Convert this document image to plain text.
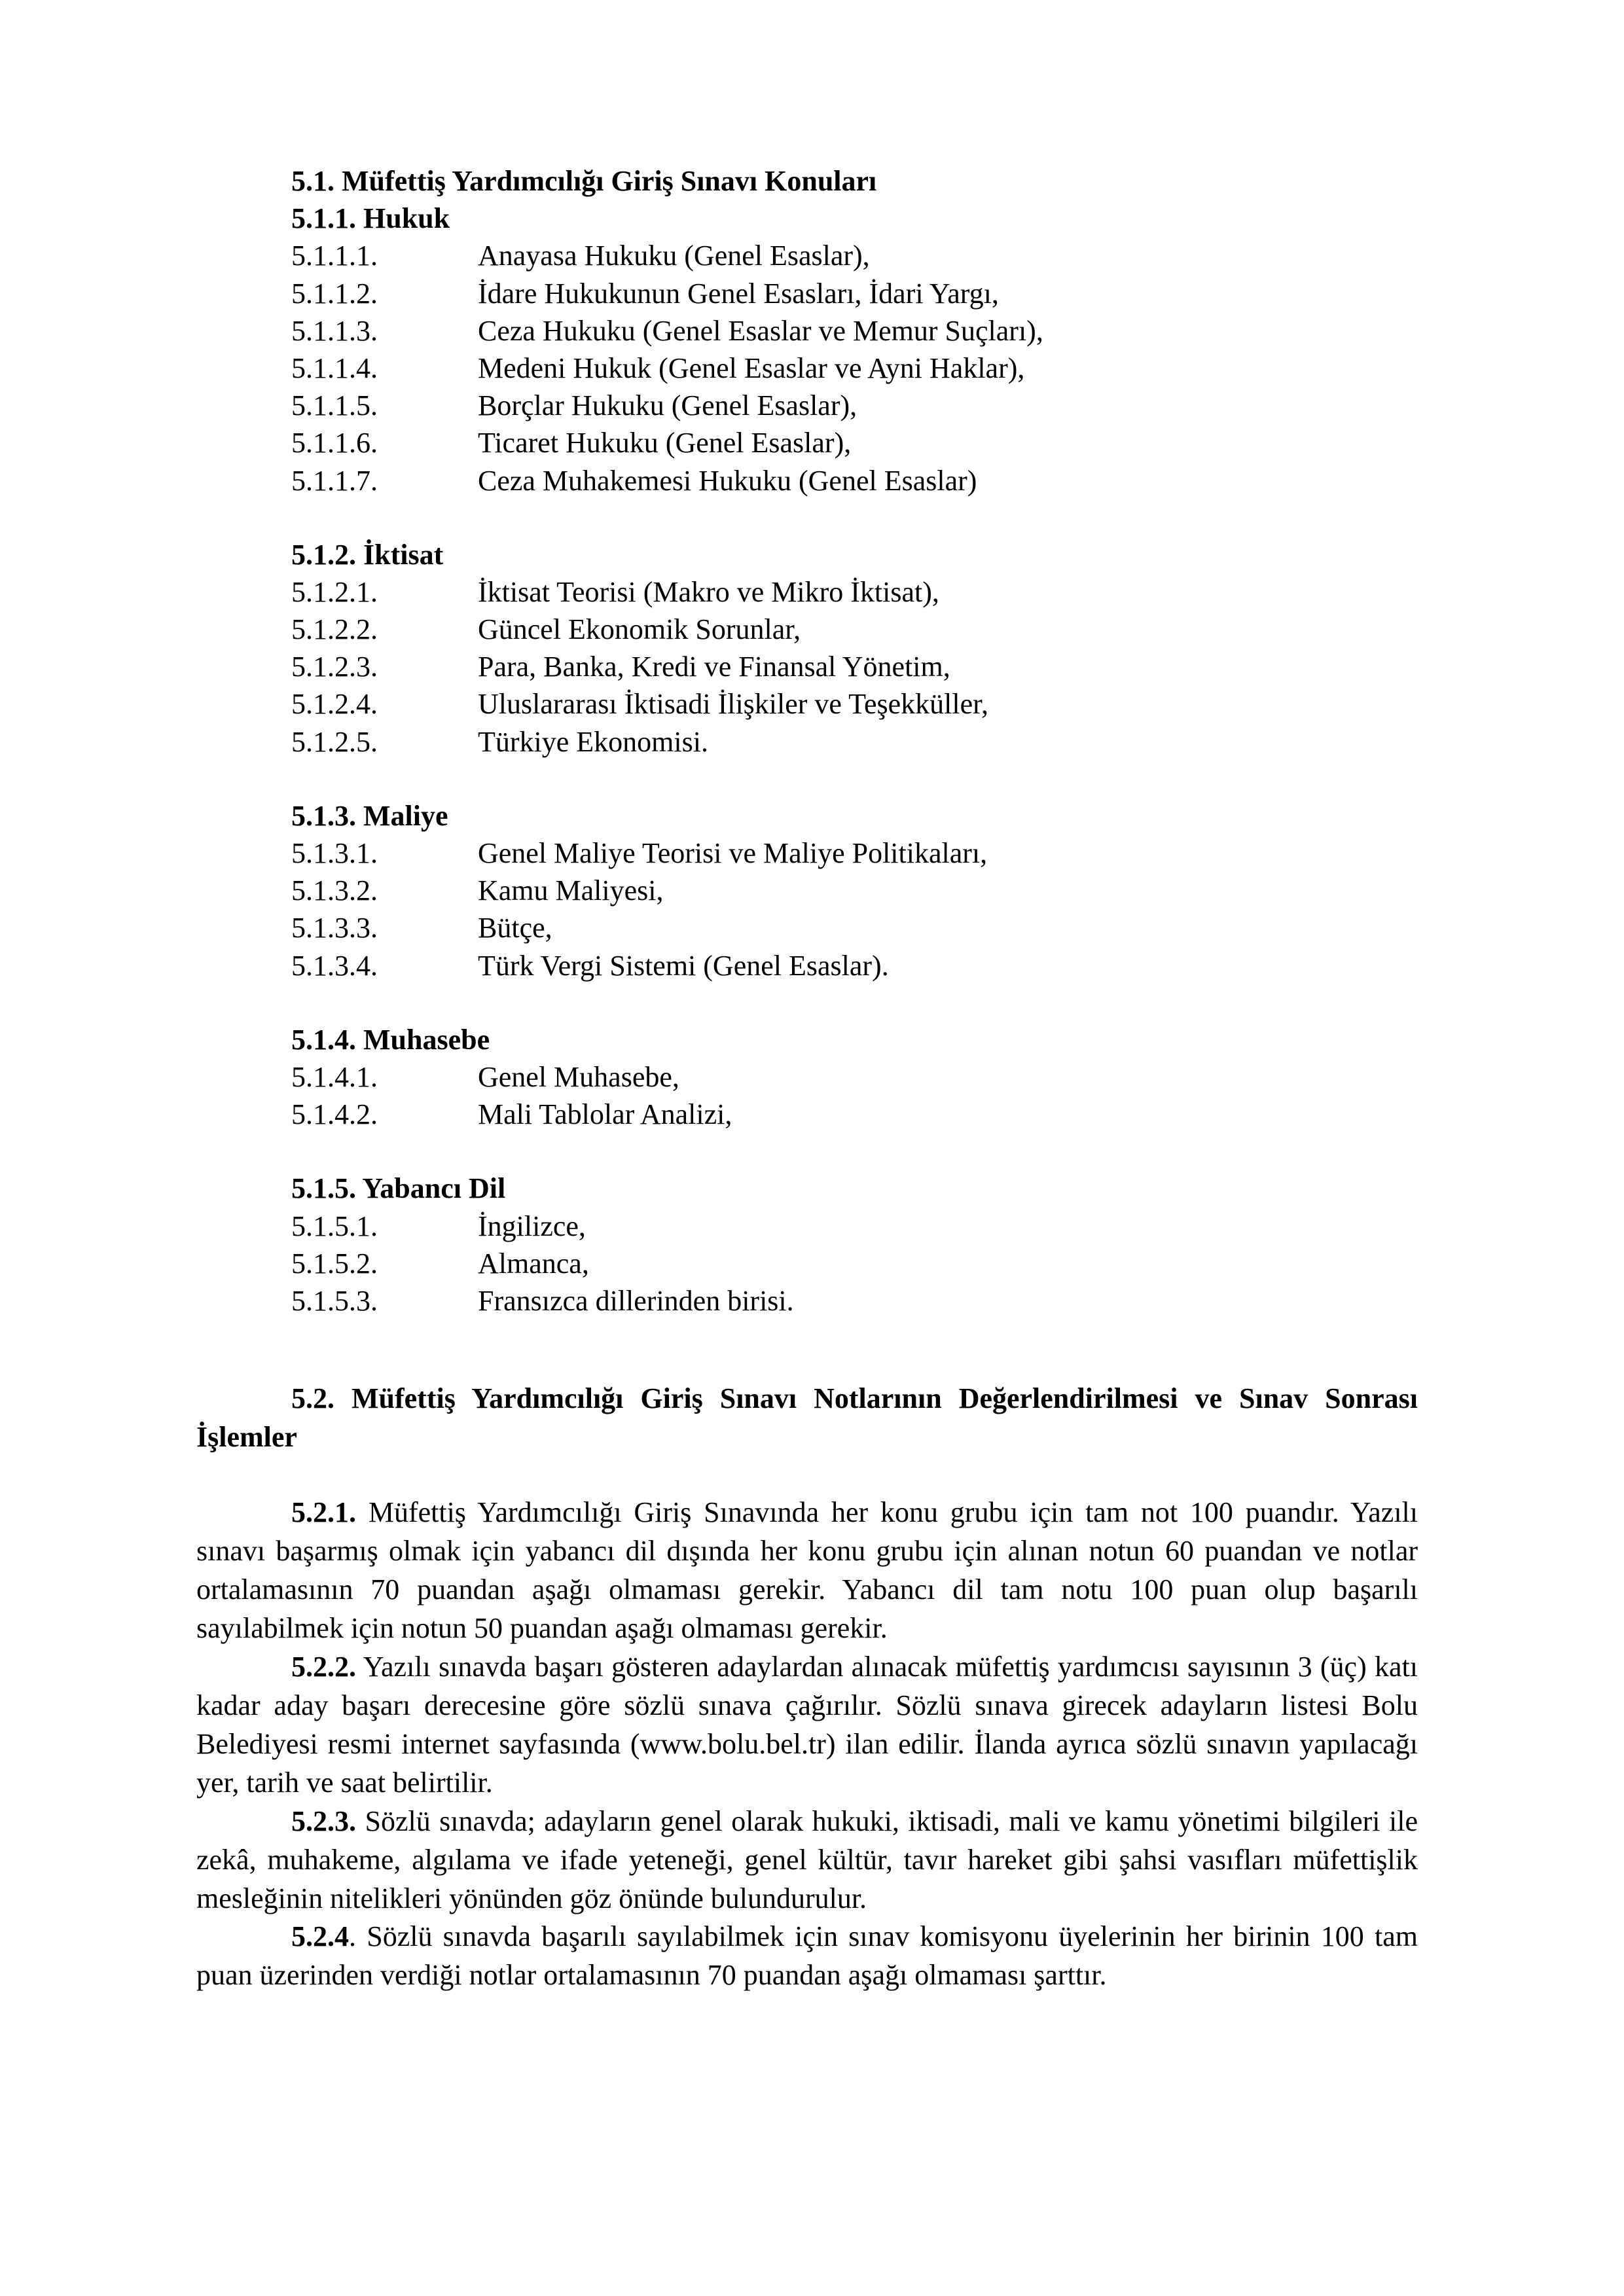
5.1. Müfettiş Yardımcılığı Giriş Sınavı Konuları
5.1.1. Hukuk
5.1.1.1.	Anayasa Hukuku (Genel Esaslar),
5.1.1.2.	İdare Hukukunun Genel Esasları, İdari Yargı,
5.1.1.3.	Ceza Hukuku (Genel Esaslar ve Memur Suçları),
5.1.1.4.	Medeni Hukuk (Genel Esaslar ve Ayni Haklar),
5.1.1.5.	Borçlar Hukuku (Genel Esaslar),
5.1.1.6.	Ticaret Hukuku (Genel Esaslar),
5.1.1.7.	Ceza Muhakemesi Hukuku (Genel Esaslar)
5.1.2. İktisat
5.1.2.1.	İktisat Teorisi (Makro ve Mikro İktisat),
5.1.2.2.	Güncel Ekonomik Sorunlar,
5.1.2.3.	Para, Banka, Kredi ve Finansal Yönetim,
5.1.2.4.	Uluslararası İktisadi İlişkiler ve Teşekküller,
5.1.2.5.	Türkiye Ekonomisi.
5.1.3. Maliye
5.1.3.1.	Genel Maliye Teorisi ve Maliye Politikaları,
5.1.3.2.	Kamu Maliyesi,
5.1.3.3.	Bütçe,
5.1.3.4.	Türk Vergi Sistemi (Genel Esaslar).
5.1.4. Muhasebe
5.1.4.1.	Genel Muhasebe,
5.1.4.2.	Mali Tablolar Analizi,
5.1.5. Yabancı Dil
5.1.5.1.	İngilizce,
5.1.5.2.	Almanca,
5.1.5.3.	Fransızca dillerinden birisi.
5.2. Müfettiş Yardımcılığı Giriş Sınavı Notlarının Değerlendirilmesi ve Sınav Sonrası İşlemler

5.2.1. Müfettiş Yardımcılığı Giriş Sınavında her konu grubu için tam not 100 puandır. Yazılı sınavı başarmış olmak için yabancı dil dışında her konu grubu için alınan notun 60 puandan ve notlar ortalamasının 70 puandan aşağı olmaması gerekir. Yabancı dil tam notu 100 puan olup başarılı sayılabilmek için notun 50 puandan aşağı olmaması gerekir.

5.2.2. Yazılı sınavda başarı gösteren adaylardan alınacak müfettiş yardımcısı sayısının 3 (üç) katı kadar aday başarı derecesine göre sözlü sınava çağırılır. Sözlü sınava girecek adayların listesi Bolu Belediyesi resmi internet sayfasında (www.bolu.bel.tr) ilan edilir. İlanda ayrıca sözlü sınavın yapılacağı yer, tarih ve saat belirtilir.

5.2.3. Sözlü sınavda; adayların genel olarak hukuki, iktisadi, mali ve kamu yönetimi bilgileri ile zekâ, muhakeme, algılama ve ifade yeteneği, genel kültür, tavır hareket gibi şahsi vasıfları müfettişlik mesleğinin nitelikleri yönünden göz önünde bulundurulur.

5.2.4. Sözlü sınavda başarılı sayılabilmek için sınav komisyonu üyelerinin her birinin 100 tam puan üzerinden verdiği notlar ortalamasının 70 puandan aşağı olmaması şarttır.
